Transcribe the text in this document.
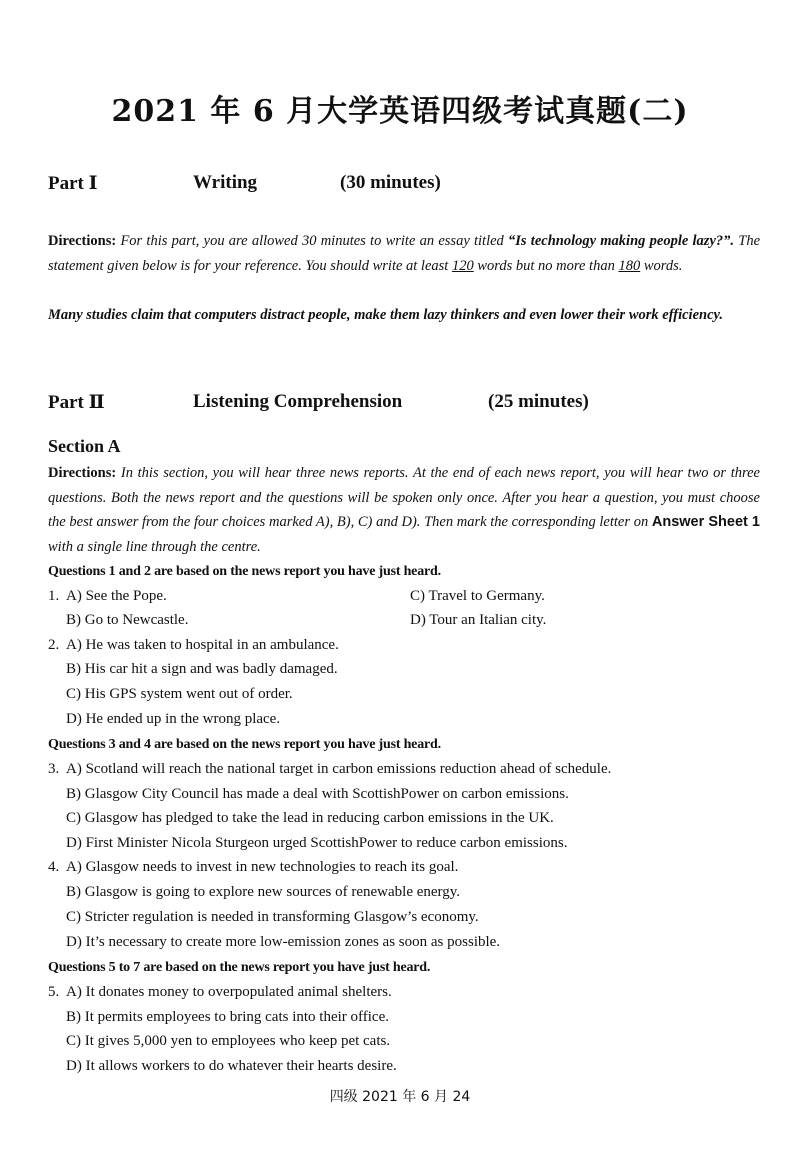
2021 年 6 月大学英语四级考试真题(二)
Part Ⅰ	Writing	(30 minutes)
Directions: For this part, you are allowed 30 minutes to write an essay titled “Is technology making people lazy?”. The statement given below is for your reference. You should write at least 120 words but no more than 180 words.
Many studies claim that computers distract people, make them lazy thinkers and even lower their work efficiency.
Part Ⅱ	Listening Comprehension	(25 minutes)
Section A
Directions: In this section, you will hear three news reports. At the end of each news report, you will hear two or three questions. Both the news report and the questions will be spoken only once. After you hear a question, you must choose the best answer from the four choices marked A), B), C) and D). Then mark the corresponding letter on Answer Sheet 1 with a single line through the centre.
Questions 1 and 2 are based on the news report you have just heard.
1. A) See the Pope.	C) Travel to Germany.
B) Go to Newcastle.	D) Tour an Italian city.
2. A) He was taken to hospital in an ambulance.
B) His car hit a sign and was badly damaged.
C) His GPS system went out of order.
D) He ended up in the wrong place.
Questions 3 and 4 are based on the news report you have just heard.
3. A) Scotland will reach the national target in carbon emissions reduction ahead of schedule.
B) Glasgow City Council has made a deal with ScottishPower on carbon emissions.
C) Glasgow has pledged to take the lead in reducing carbon emissions in the UK.
D) First Minister Nicola Sturgeon urged ScottishPower to reduce carbon emissions.
4. A) Glasgow needs to invest in new technologies to reach its goal.
B) Glasgow is going to explore new sources of renewable energy.
C) Stricter regulation is needed in transforming Glasgow’s economy.
D) It’s necessary to create more low-emission zones as soon as possible.
Questions 5 to 7 are based on the news report you have just heard.
5. A) It donates money to overpopulated animal shelters.
B) It permits employees to bring cats into their office.
C) It gives 5,000 yen to employees who keep pet cats.
D) It allows workers to do whatever their hearts desire.
四级 2021 年 6 月 24
